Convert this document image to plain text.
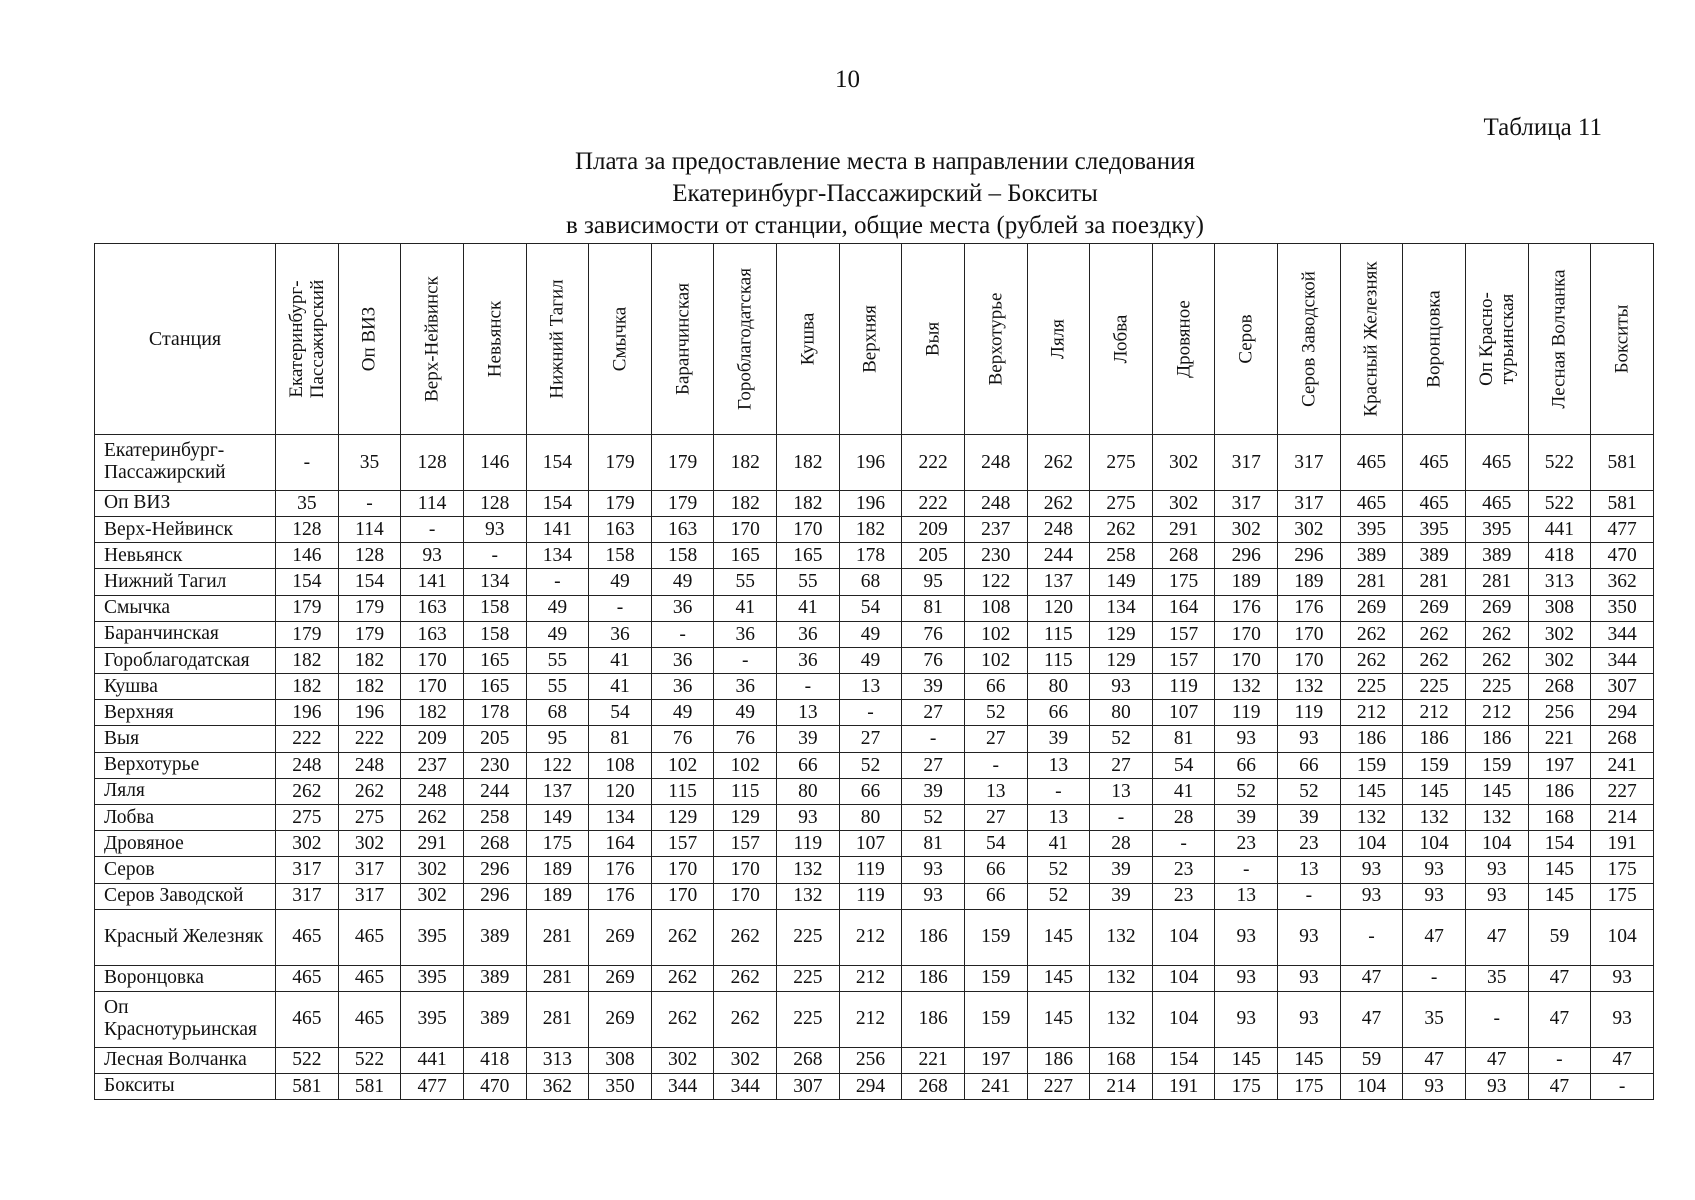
10
Таблица 11
Плата за предоставление места в направлении следования
Екатеринбург-Пассажирский – Бокситы
в зависимости от станции, общие места (рублей за поездку)
Станция	Екатеринбург-Пассажирский	Оп ВИЗ	Верх-Нейвинск	Невьянск	Нижний Тагил	Смычка	Баранчинская	Гороблагодатская	Кушва	Верхняя	Выя	Верхотурье	Ляля	Лобва	Дровяное	Серов	Серов Заводской	Красный Железняк	Воронцовка	Оп Красно-турьинская	Лесная Волчанка	Бокситы

Екатеринбург-Пассажирский	-	35	128	146	154	179	179	182	182	196	222	248	262	275	302	317	317	465	465	465	522	581
Оп ВИЗ	35	-	114	128	154	179	179	182	182	196	222	248	262	275	302	317	317	465	465	465	522	581
Верх-Нейвинск	128	114	-	93	141	163	163	170	170	182	209	237	248	262	291	302	302	395	395	395	441	477
Невьянск	146	128	93	-	134	158	158	165	165	178	205	230	244	258	268	296	296	389	389	389	418	470
Нижний Тагил	154	154	141	134	-	49	49	55	55	68	95	122	137	149	175	189	189	281	281	281	313	362
Смычка	179	179	163	158	49	-	36	41	41	54	81	108	120	134	164	176	176	269	269	269	308	350
Баранчинская	179	179	163	158	49	36	-	36	36	49	76	102	115	129	157	170	170	262	262	262	302	344
Гороблагодатская	182	182	170	165	55	41	36	-	36	49	76	102	115	129	157	170	170	262	262	262	302	344
Кушва	182	182	170	165	55	41	36	36	-	13	39	66	80	93	119	132	132	225	225	225	268	307
Верхняя	196	196	182	178	68	54	49	49	13	-	27	52	66	80	107	119	119	212	212	212	256	294
Выя	222	222	209	205	95	81	76	76	39	27	-	27	39	52	81	93	93	186	186	186	221	268
Верхотурье	248	248	237	230	122	108	102	102	66	52	27	-	13	27	54	66	66	159	159	159	197	241
Ляля	262	262	248	244	137	120	115	115	80	66	39	13	-	13	41	52	52	145	145	145	186	227
Лобва	275	275	262	258	149	134	129	129	93	80	52	27	13	-	28	39	39	132	132	132	168	214
Дровяное	302	302	291	268	175	164	157	157	119	107	81	54	41	28	-	23	23	104	104	104	154	191
Серов	317	317	302	296	189	176	170	170	132	119	93	66	52	39	23	-	13	93	93	93	145	175
Серов Заводской	317	317	302	296	189	176	170	170	132	119	93	66	52	39	23	13	-	93	93	93	145	175
Красный Железняк	465	465	395	389	281	269	262	262	225	212	186	159	145	132	104	93	93	-	47	47	59	104
Воронцовка	465	465	395	389	281	269	262	262	225	212	186	159	145	132	104	93	93	47	-	35	47	93
Оп Краснотурьинская	465	465	395	389	281	269	262	262	225	212	186	159	145	132	104	93	93	47	35	-	47	93
Лесная Волчанка	522	522	441	418	313	308	302	302	268	256	221	197	186	168	154	145	145	59	47	47	-	47
Бокситы	581	581	477	470	362	350	344	344	307	294	268	241	227	214	191	175	175	104	93	93	47	-
